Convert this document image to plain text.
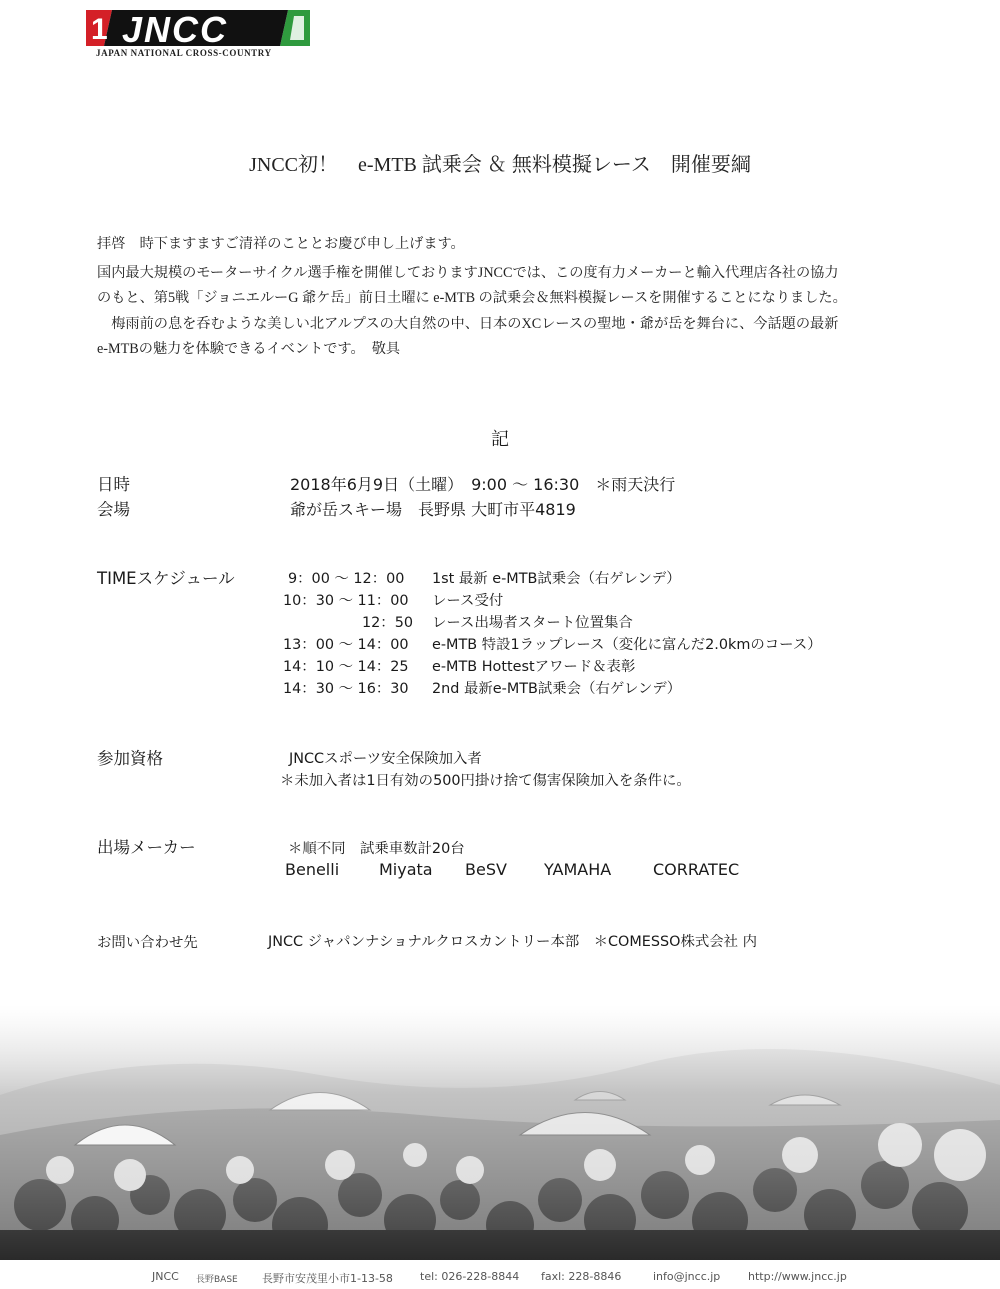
1 JNCC
JAPAN NATIONAL CROSS-COUNTRY
JNCC初！　e-MTB 試乗会 ＆ 無料模擬レース　開催要綱
拝啓　時下ますますご清祥のこととお慶び申し上げます。
国内最大規模のモーターサイクル選手権を開催しておりますJNCCでは、この度有力メーカーと輸入代理店各社の協力
のもと、第5戦「ジョニエルーG 爺ケ岳」前日土曜に e-MTB の試乗会＆無料模擬レースを開催することになりました。
　梅雨前の息を呑むような美しい北アルプスの大自然の中、日本のXCレースの聖地・爺が岳を舞台に、今話題の最新
e-MTBの魅力を体験できるイベントです。　敬具
記
日時	2018年6月9日（土曜）　9:00 〜 16:30　＊雨天決行
会場	爺が岳スキー場　長野県 大町市平4819
TIMEスケジュール	9：00 〜 12：00 1st 最新 e-MTB試乗会（右ゲレンデ）
10：30 〜 11：00 レース受付
12：50 レース出場者スタート位置集合
13：00 〜 14：00 e-MTB 特設1ラップレース（変化に富んだ2.0kmのコース）
14：10 〜 14：25 e-MTB Hottestアワード＆表彰
14：30 〜 16：30 2nd 最新e-MTB試乗会（右ゲレンデ）
参加資格	JNCCスポーツ安全保険加入者
＊未加入者は1日有効の500円掛け捨て傷害保険加入を条件に。
出場メーカー	＊順不同　試乗車数計20台
Benelli Miyata BeSV YAMAHA	CORRATEC
お問い合わせ先	JNCC ジャパンナショナルクロスカントリー本部　＊COMESSO株式会社 内
JNCC 長野BASE 長野市安茂里小市1-13-58 tel: 026-228-8844 faxl: 228-8846	info@jncc.jp	http://www.jncc.jp
